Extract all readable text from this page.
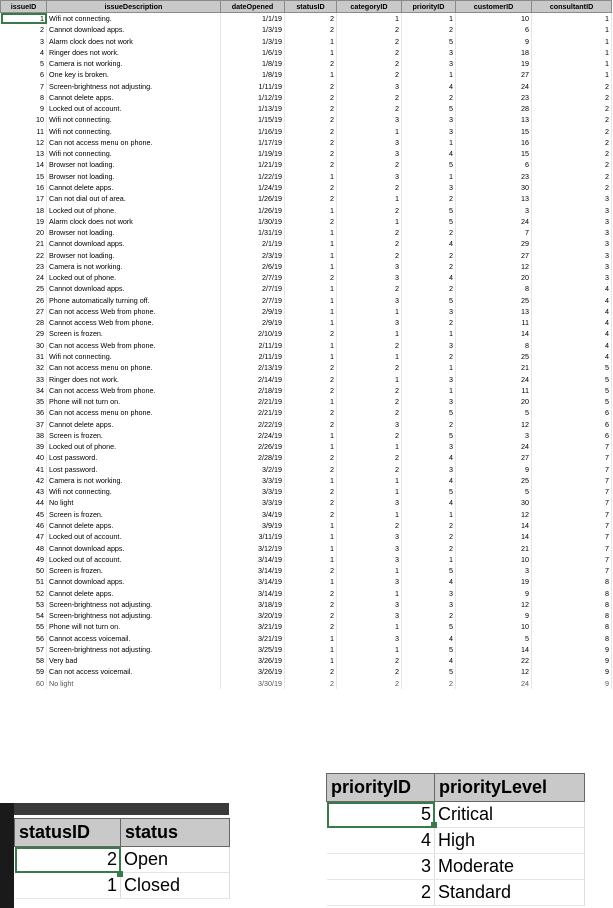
issueID	issueDescription	dateOpened	statusID	categoryID	priorityID	customerID	consultantID
1	Wifi not connecting.	1/1/19	2	1	1	10	1
2	Cannot download apps.	1/3/19	2	2	2	6	1
3	Alarm clock does not work	1/3/19	1	2	5	9	1
4	Ringer does not work.	1/6/19	1	2	3	18	1
5	Camera is not working.	1/8/19	2	2	3	19	1
6	One key is broken.	1/8/19	1	2	1	27	1
7	Screen-brightness not adjusting.	1/11/19	2	3	4	24	2
8	Cannot delete apps.	1/12/19	2	2	2	23	2
9	Locked out of account.	1/13/19	2	2	5	28	2
10	Wifi not connecting.	1/15/19	2	3	3	13	2
11	Wifi not connecting.	1/16/19	2	1	3	15	2
12	Can not access menu on phone.	1/17/19	2	3	1	16	2
13	Wifi not connecting.	1/19/19	2	3	4	15	2
14	Browser not loading.	1/21/19	2	2	5	6	2
15	Browser not loading.	1/22/19	1	3	1	23	2
16	Cannot delete apps.	1/24/19	2	2	3	30	2
17	Can not dial out of area.	1/26/19	2	1	2	13	3
18	Locked out of phone.	1/26/19	1	2	5	3	3
19	Alarm clock does not work	1/30/19	2	1	5	24	3
20	Browser not loading.	1/31/19	1	2	2	7	3
21	Cannot download apps.	2/1/19	1	2	4	29	3
22	Browser not loading.	2/3/19	1	2	2	27	3
23	Camera is not working.	2/6/19	1	3	2	12	3
24	Locked out of phone.	2/7/19	2	3	4	20	3
25	Cannot download apps.	2/7/19	1	2	2	8	4
26	Phone automatically turning off.	2/7/19	1	3	5	25	4
27	Can not access Web from phone.	2/9/19	1	1	3	13	4
28	Cannot access Web from phone.	2/9/19	1	3	2	11	4
29	Screen is frozen.	2/10/19	2	1	1	14	4
30	Can not access Web from phone.	2/11/19	1	2	3	8	4
31	Wifi not connecting.	2/11/19	1	1	2	25	4
32	Can not access menu on phone.	2/13/19	2	2	1	21	5
33	Ringer does not work.	2/14/19	2	1	3	24	5
34	Can not access Web from phone.	2/18/19	2	2	1	11	5
35	Phone will not turn on.	2/21/19	1	2	3	20	5
36	Can not access menu on phone.	2/21/19	2	2	5	5	6
37	Cannot delete apps.	2/22/19	2	3	2	12	6
38	Screen is frozen.	2/24/19	1	2	5	3	6
39	Locked out of phone.	2/26/19	1	1	3	24	7
40	Lost password.	2/28/19	2	2	4	27	7
41	Lost password.	3/2/19	2	2	3	9	7
42	Camera is not working.	3/3/19	1	1	4	25	7
43	Wifi not connecting.	3/3/19	2	1	5	5	7
44	No light	3/3/19	2	3	4	30	7
45	Screen is frozen.	3/4/19	2	1	1	12	7
46	Cannot delete apps.	3/9/19	1	2	2	14	7
47	Locked out of account.	3/11/19	1	3	2	14	7
48	Cannot download apps.	3/12/19	1	3	2	21	7
49	Locked out of account.	3/14/19	1	3	1	10	7
50	Screen is frozen.	3/14/19	2	1	5	3	7
51	Cannot download apps.	3/14/19	1	3	4	19	8
52	Cannot delete apps.	3/14/19	2	1	3	9	8
53	Screen-brightness not adjusting.	3/18/19	2	3	3	12	8
54	Screen-brightness not adjusting.	3/20/19	2	3	2	9	8
55	Phone will not turn on.	3/21/19	2	1	5	10	8
56	Cannot access voicemail.	3/21/19	1	3	4	5	8
57	Screen-brightness not adjusting.	3/25/19	1	1	5	14	9
58	Very bad	3/26/19	1	2	4	22	9
59	Can not access voicemail.	3/26/19	2	2	5	12	9
60	No light	3/30/19	2	2	2	24	9
statusID	status
2	Open
1	Closed
priorityID	priorityLevel
5	Critical
4	High
3	Moderate
2	Standard
